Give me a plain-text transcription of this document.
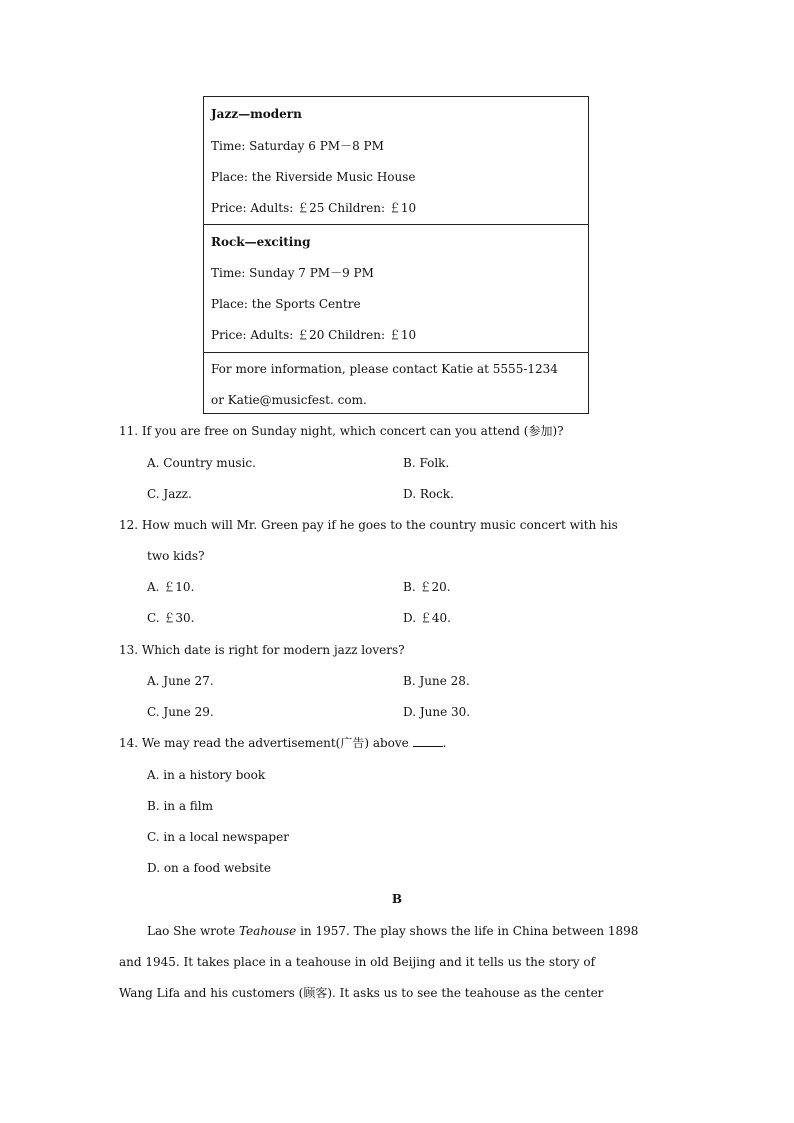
Jazz—modern
Time: Saturday 6 PM－8 PM
Place: the Riverside Music House
Price: Adults: ￡25 Children: ￡10
Rock—exciting
Time: Sunday 7 PM－9 PM
Place: the Sports Centre
Price: Adults: ￡20 Children: ￡10
For more information, please contact Katie at 5555-1234
or Katie@musicfest. com.
11. If you are free on Sunday night, which concert can you attend (参加)?
A. Country music.	B. Folk.
C. Jazz.	D. Rock.
12. How much will Mr. Green pay if he goes to the country music concert with his
two kids?
A. ￡10.	B. ￡20.
C. ￡30.	D. ￡40.
13. Which date is right for modern jazz lovers?
A. June 27.	B. June 28.
C. June 29.	D. June 30.
14. We may read the advertisement(广告) above	.
A. in a history book
B. in a film
C. in a local newspaper
D. on a food website
B
Lao She wrote Teahouse in 1957. The play shows the life in China between 1898
and 1945. It takes place in a teahouse in old Beijing and it tells us the story of
Wang Lifa and his customers (顾客). It asks us to see the teahouse as the center
